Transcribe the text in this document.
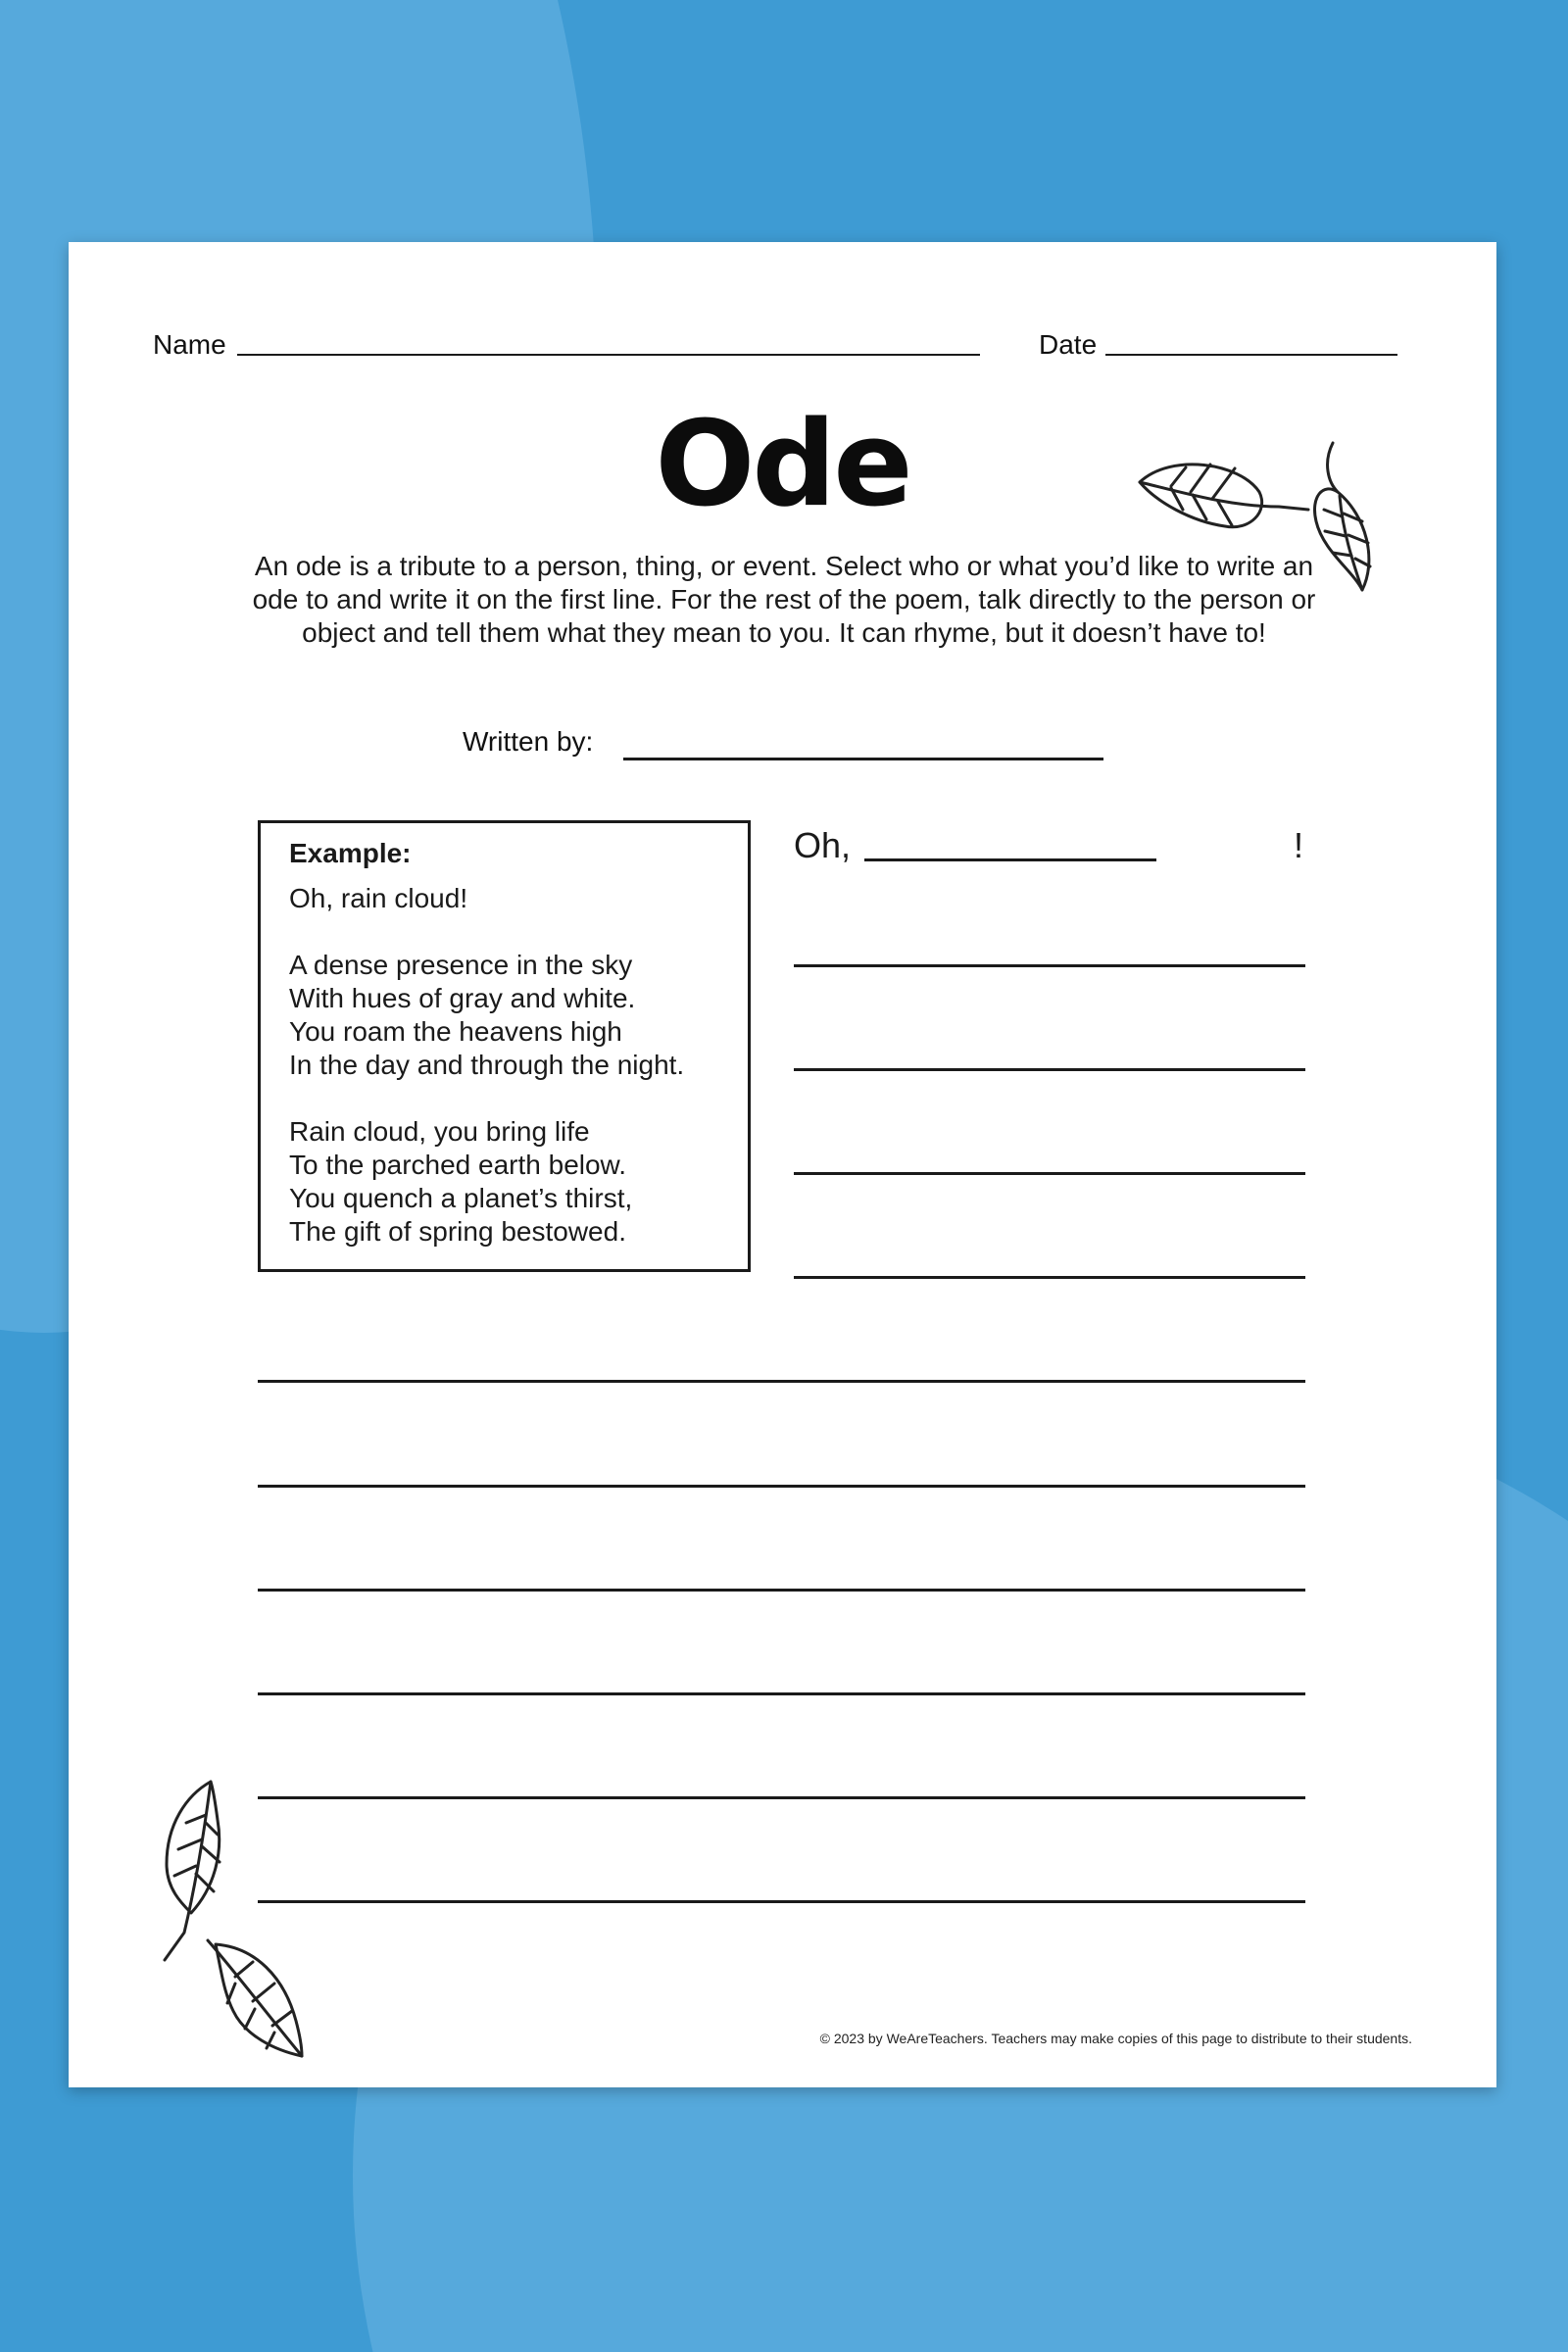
Name	Date
Ode
An ode is a tribute to a person, thing, or event. Select who or what you’d like to write an ode to and write it on the first line. For the rest of the poem, talk directly to the person or object and tell them what they mean to you. It can rhyme, but it doesn’t have to!
Written by:
Example:
Oh, rain cloud!
A dense presence in the sky
With hues of gray and white.
You roam the heavens high
In the day and through the night.
Rain cloud, you bring life
To the parched earth below.
You quench a planet’s thirst,
The gift of spring bestowed.
Oh,	!
© 2023 by WeAreTeachers. Teachers may make copies of this page to distribute to their students.
